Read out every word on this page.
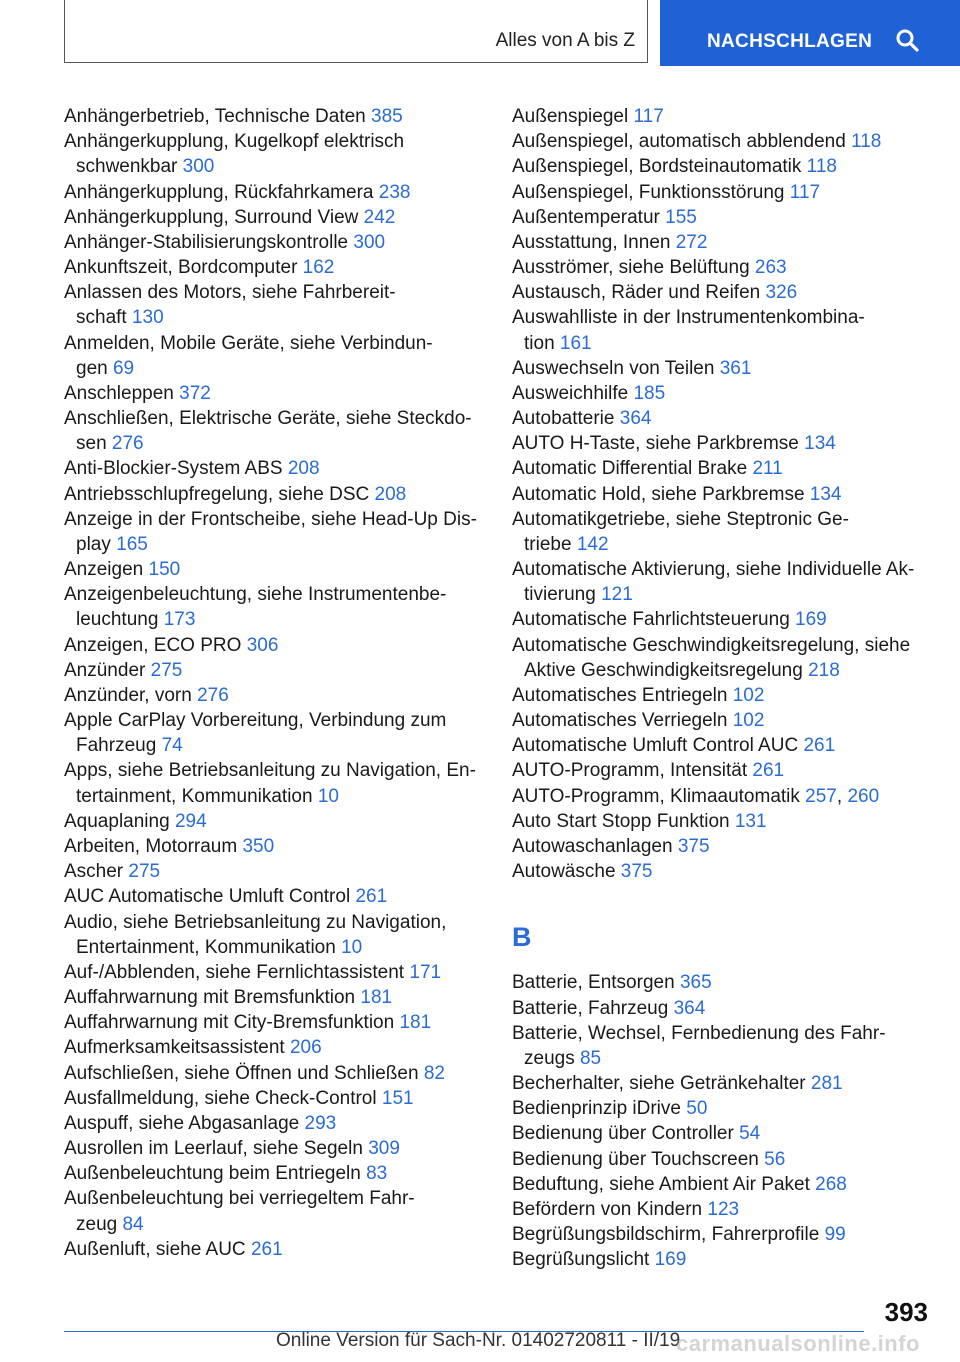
Alles von A bis Z	NACHSCHLAGEN
Anhängerbetrieb, Technische Daten 385
Anhängerkupplung, Kugelkopf elektrisch
schwenkbar 300
Anhängerkupplung, Rückfahrkamera 238
Anhängerkupplung, Surround View 242
Anhänger-Stabilisierungskontrolle 300
Ankunftszeit, Bordcomputer 162
Anlassen des Motors, siehe Fahrbereit-
schaft 130
Anmelden, Mobile Geräte, siehe Verbindun-
gen 69
Anschleppen 372
Anschließen, Elektrische Geräte, siehe Steckdo-
sen 276
Anti-Blockier-System ABS 208
Antriebsschlupfregelung, siehe DSC 208
Anzeige in der Frontscheibe, siehe Head-Up Dis-
play 165
Anzeigen 150
Anzeigenbeleuchtung, siehe Instrumentenbe-
leuchtung 173
Anzeigen, ECO PRO 306
Anzünder 275
Anzünder, vorn 276
Apple CarPlay Vorbereitung, Verbindung zum
Fahrzeug 74
Apps, siehe Betriebsanleitung zu Navigation, En-
tertainment, Kommunikation 10
Aquaplaning 294
Arbeiten, Motorraum 350
Ascher 275
AUC Automatische Umluft Control 261
Audio, siehe Betriebsanleitung zu Navigation,
Entertainment, Kommunikation 10
Auf-/Abblenden, siehe Fernlichtassistent 171
Auffahrwarnung mit Bremsfunktion 181
Auffahrwarnung mit City-Bremsfunktion 181
Aufmerksamkeitsassistent 206
Aufschließen, siehe Öffnen und Schließen 82
Ausfallmeldung, siehe Check-Control 151
Auspuff, siehe Abgasanlage 293
Ausrollen im Leerlauf, siehe Segeln 309
Außenbeleuchtung beim Entriegeln 83
Außenbeleuchtung bei verriegeltem Fahr-
zeug 84
Außenluft, siehe AUC 261
Außenspiegel 117
Außenspiegel, automatisch abblendend 118
Außenspiegel, Bordsteinautomatik 118
Außenspiegel, Funktionsstörung 117
Außentemperatur 155
Ausstattung, Innen 272
Ausströmer, siehe Belüftung 263
Austausch, Räder und Reifen 326
Auswahlliste in der Instrumentenkombina-
tion 161
Auswechseln von Teilen 361
Ausweichhilfe 185
Autobatterie 364
AUTO H-Taste, siehe Parkbremse 134
Automatic Differential Brake 211
Automatic Hold, siehe Parkbremse 134
Automatikgetriebe, siehe Steptronic Ge-
triebe 142
Automatische Aktivierung, siehe Individuelle Ak-
tivierung 121
Automatische Fahrlichtsteuerung 169
Automatische Geschwindigkeitsregelung, siehe
Aktive Geschwindigkeitsregelung 218
Automatisches Entriegeln 102
Automatisches Verriegeln 102
Automatische Umluft Control AUC 261
AUTO-Programm, Intensität 261
AUTO-Programm, Klimaautomatik 257, 260
Auto Start Stopp Funktion 131
Autowaschanlagen 375
Autowäsche 375
B
Batterie, Entsorgen 365
Batterie, Fahrzeug 364
Batterie, Wechsel, Fernbedienung des Fahr-
zeugs 85
Becherhalter, siehe Getränkehalter 281
Bedienprinzip iDrive 50
Bedienung über Controller 54
Bedienung über Touchscreen 56
Beduftung, siehe Ambient Air Paket 268
Befördern von Kindern 123
Begrüßungsbildschirm, Fahrerprofile 99
Begrüßungslicht 169
393
Online Version für Sach-Nr. 01402720811 - II/19
carmanualsonline.info
